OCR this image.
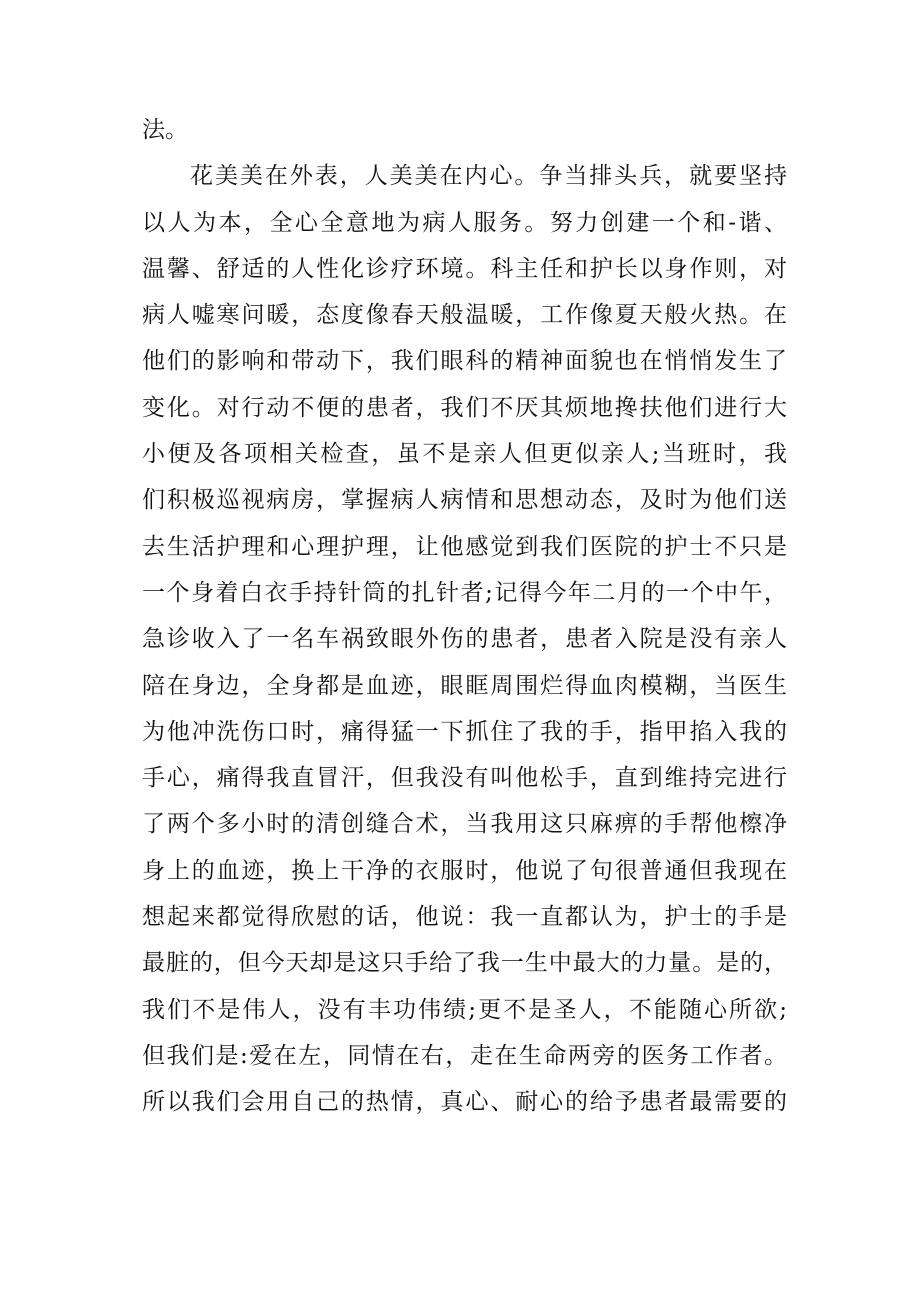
法。
花美美在外表，人美美在内心。争当排头兵，就要坚持
以人为本，全心全意地为病人服务。努力创建一个和-谐、
温馨、舒适的人性化诊疗环境。科主任和护长以身作则，对
病人嘘寒问暖，态度像春天般温暖，工作像夏天般火热。在
他们的影响和带动下，我们眼科的精神面貌也在悄悄发生了
变化。对行动不便的患者，我们不厌其烦地搀扶他们进行大
小便及各项相关检查，虽不是亲人但更似亲人;当班时，我
们积极巡视病房，掌握病人病情和思想动态，及时为他们送
去生活护理和心理护理，让他感觉到我们医院的护士不只是
一个身着白衣手持针筒的扎针者;记得今年二月的一个中午，
急诊收入了一名车祸致眼外伤的患者，患者入院是没有亲人
陪在身边，全身都是血迹，眼眶周围烂得血肉模糊，当医生
为他冲洗伤口时，痛得猛一下抓住了我的手，指甲掐入我的
手心，痛得我直冒汗，但我没有叫他松手，直到维持完进行
了两个多小时的清创缝合术，当我用这只麻痹的手帮他檫净
身上的血迹，换上干净的衣服时，他说了句很普通但我现在
想起来都觉得欣慰的话，他说：我一直都认为，护士的手是
最脏的，但今天却是这只手给了我一生中最大的力量。是的，
我们不是伟人，没有丰功伟绩;更不是圣人，不能随心所欲;
但我们是:爱在左，同情在右，走在生命两旁的医务工作者。
所以我们会用自己的热情，真心、耐心的给予患者最需要的
